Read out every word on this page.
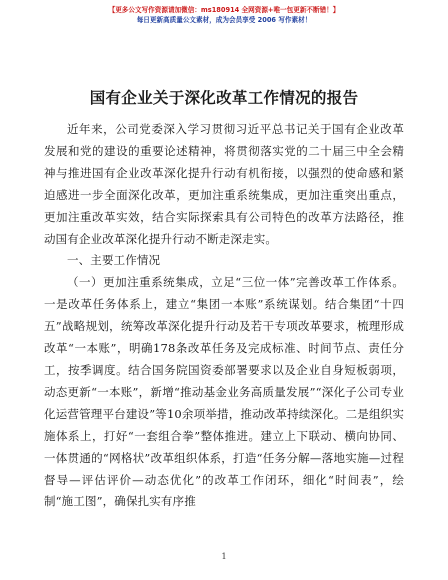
【更多公文写作资源请加微信：ms180914 全网资源+唯一包更新不断错！】
每日更新高质量公文素材，成为会员享受 2006 写作素材！
国有企业关于深化改革工作情况的报告

近年来，公司党委深入学习贯彻习近平总书记关于国有企业改革发展和党的建设的重要论述精神，将贯彻落实党的二十届三中全会精神与推进国有企业改革深化提升行动有机衔接，以强烈的使命感和紧迫感进一步全面深化改革，更加注重系统集成，更加注重突出重点，更加注重改革实效，结合实际探索具有公司特色的改革方法路径，推动国有企业改革深化提升行动不断走深走实。

一、主要工作情况

（一）更加注重系统集成，立足“三位一体”完善改革工作体系。一是改革任务体系上，建立“集团一本账”系统谋划。结合集团“十四五”战略规划，统筹改革深化提升行动及若干专项改革要求，梳理形成改革“一本账”，明确178条改革任务及完成标准、时间节点、责任分工，按季调度。结合国务院国资委部署要求以及企业自身短板弱项，动态更新“一本账”，新增“推动基金业务高质量发展”“深化子公司专业化运营管理平台建设”等10余项举措，推动改革持续深化。二是组织实施体系上，打好“一套组合拳”整体推进。建立上下联动、横向协同、一体贯通的“网格状”改革组织体系，打造“任务分解—落地实施—过程督导—评估评价—动态优化”的改革工作闭环，细化“时间表”，绘制“施工图”，确保扎实有序推

1
